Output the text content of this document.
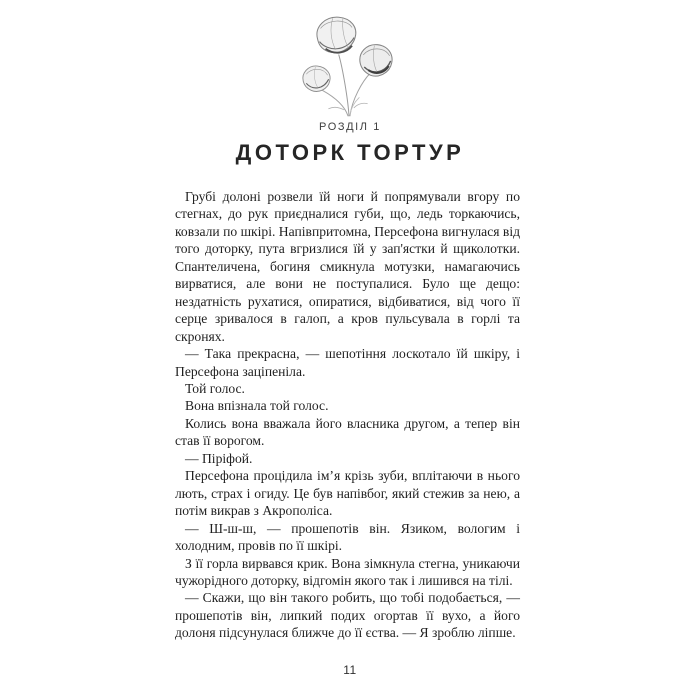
РОЗДІЛ 1
ДОТОРК ТОРТУР

Грубі долоні розвели їй ноги й попрямували вгору по стегнах, до рук приєдналися губи, що, ледь торкаючись, ковзали по шкірі. Напівпритомна, Персефона вигнулася від того доторку, пута вгризлися їй у зап'ястки й щиколотки. Спантеличена, богиня смикнула мотузки, намагаючись вирватися, але вони не поступалися. Було ще дещо: нездатність рухатися, опиратися, відбиватися, від чого її серце зривалося в галоп, а кров пульсувала в горлі та скронях.

— Така прекрасна, — шепотіння лоскотало їй шкіру, і Персефона заціпеніла.

Той голос.

Вона впізнала той голос.

Колись вона вважала його власника другом, а тепер він став її ворогом.

— Піріфой.

Персефона процідила ім’я крізь зуби, вплітаючи в нього лють, страх і огиду. Це був напівбог, який стежив за нею, а потім викрав з Акрополіса.

— Ш-ш-ш, — прошепотів він. Язиком, вологим і холодним, провів по її шкірі.

З її горла вирвався крик. Вона зімкнула стегна, уникаючи чужорідного доторку, відгомін якого так і лишився на тілі.

— Скажи, що він такого робить, що тобі подобається, — прошепотів він, липкий подих огортав її вухо, а його долоня підсунулася ближче до її єства. — Я зроблю ліпше.

11
